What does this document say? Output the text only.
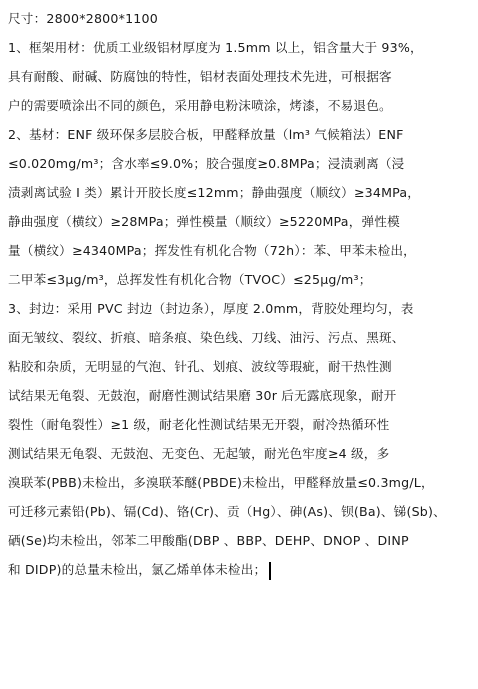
尺寸：2800*2800*1100
1、框架用材：优质工业级铝材厚度为 1.5mm 以上，铝含量大于 93%，
具有耐酸、耐碱、防腐蚀的特性，铝材表面处理技术先进，可根据客
户的需要喷涂出不同的颜色，采用静电粉沫喷涂，烤漆，不易退色。
2、基材：ENF 级环保多层胶合板，甲醛释放量（lm³ 气候箱法）ENF
≤0.020mg/m³；含水率≤9.0%；胶合强度≥0.8MPa；浸渍剥离（浸
渍剥离试验 I 类）累计开胶长度≤12mm；静曲强度（顺纹）≥34MPa，
静曲强度（横纹）≥28MPa；弹性模量（顺纹）≥5220MPa，弹性模
量（横纹）≥4340MPa；挥发性有机化合物（72h）：苯、甲苯未检出，
二甲苯≤3μg/m³，总挥发性有机化合物（TVOC）≤25μg/m³；
3、封边：采用 PVC 封边（封边条），厚度 2.0mm，背胶处理均匀，表
面无皱纹、裂纹、折痕、暗条痕、染色线、刀线、油污、污点、黑斑、
粘胶和杂质，无明显的气泡、针孔、划痕、波纹等瑕疵，耐干热性测
试结果无龟裂、无鼓泡，耐磨性测试结果磨 30r 后无露底现象，耐开
裂性（耐龟裂性）≥1 级，耐老化性测试结果无开裂，耐冷热循环性
测试结果无龟裂、无鼓泡、无变色、无起皱，耐光色牢度≥4 级，多
溴联苯(PBB)未检出，多溴联苯醚(PBDE)未检出，甲醛释放量≤0.3mg/L，
可迁移元素铅(Pb)、镉(Cd)、铬(Cr)、贡（Hg）、砷(As)、钡(Ba)、锑(Sb)、
硒(Se)均未检出，邻苯二甲酸酯(DBP 、BBP、DEHP、DNOP 、DINP
和 DIDP)的总量未检出，氯乙烯单体未检出；
